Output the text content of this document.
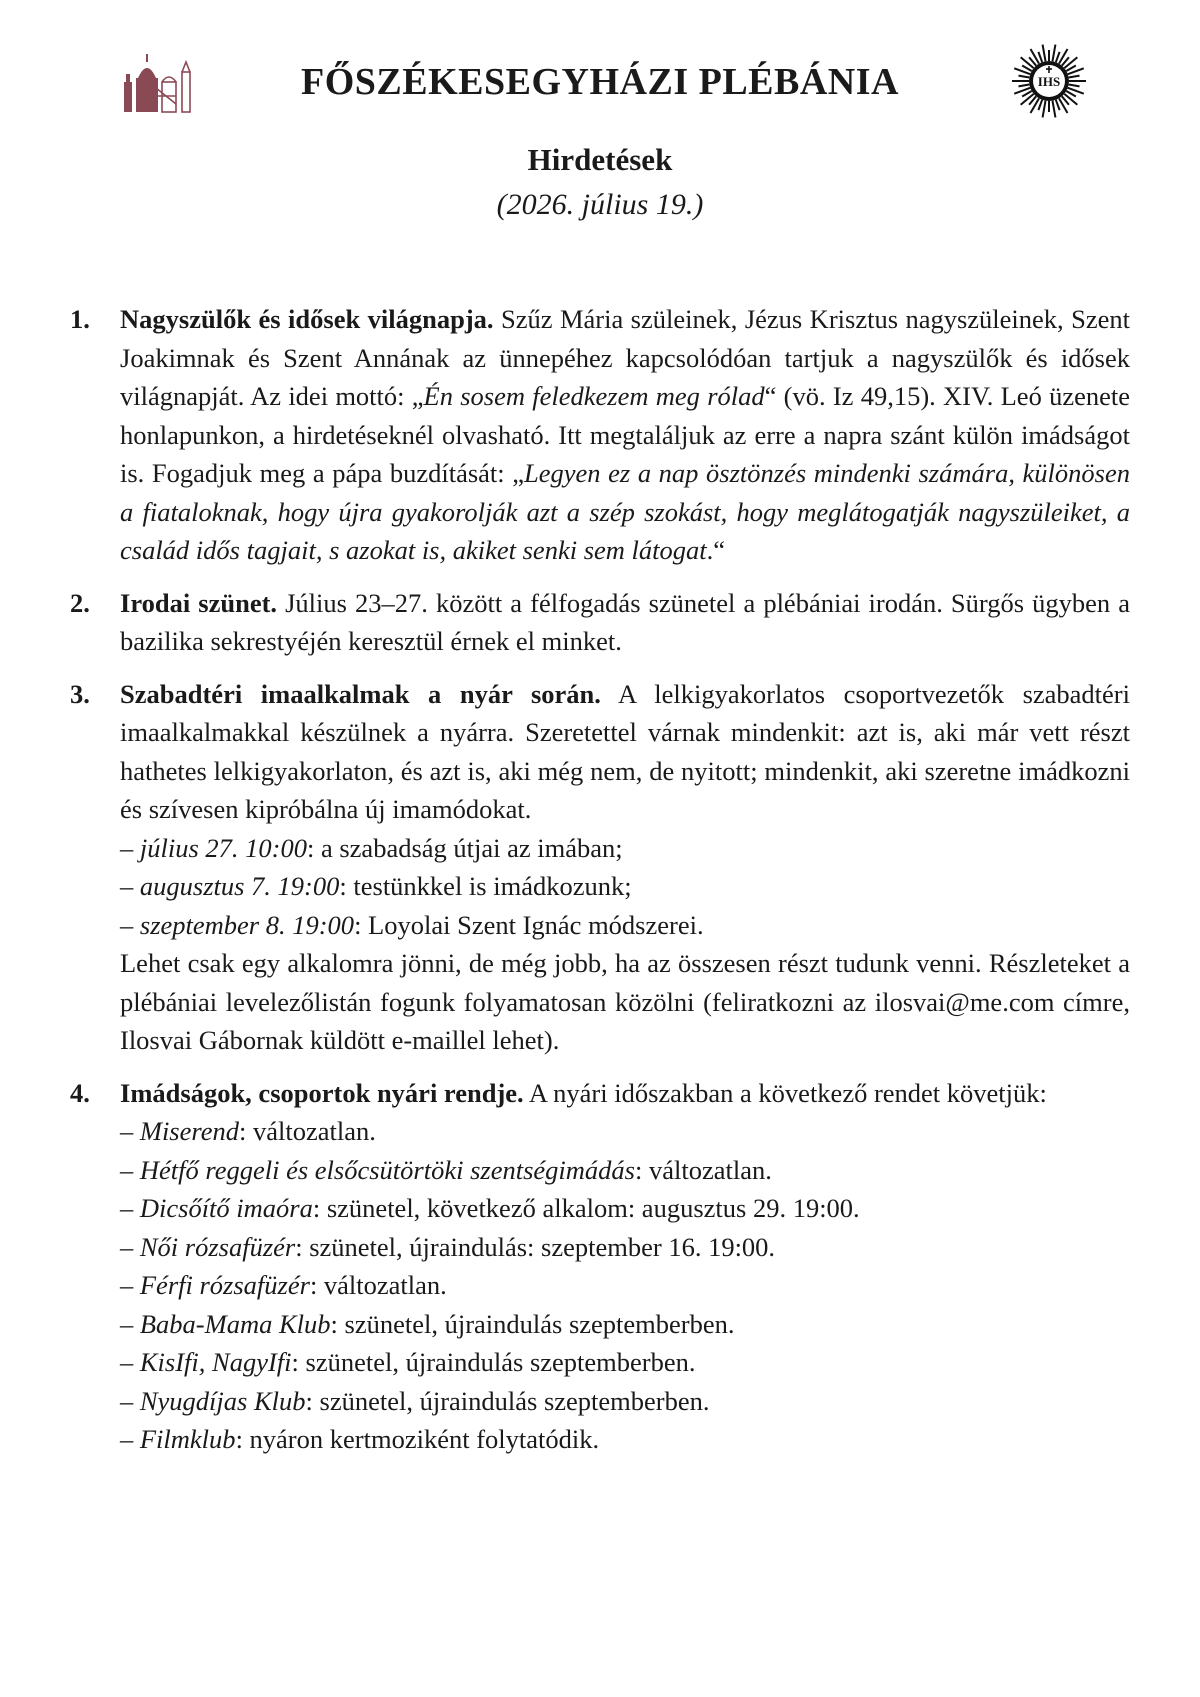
FŐSZÉKESEGYHÁZI PLÉBÁNIA	IHS
Hirdetések
(2026. július 19.)
1. Nagyszülők és idősek világnapja. Szűz Mária szüleinek, Jézus Krisztus nagyszüleinek, Szent Joakimnak és Szent Annának az ünnepéhez kapcsolódóan tartjuk a nagyszülők és idősek világnapját. Az idei mottó: „Én sosem feledkezem meg rólad“ (vö. Iz 49,15). XIV. Leó üzenete honlapunkon, a hirdetéseknél olvasható. Itt megtaláljuk az erre a napra szánt külön imádságot is. Fogadjuk meg a pápa buzdítását: „Legyen ez a nap ösztönzés mindenki számára, különösen a fiataloknak, hogy újra gyakorolják azt a szép szokást, hogy meglátogatják nagyszüleiket, a család idős tagjait, s azokat is, akiket senki sem látogat.“
2. Irodai szünet. Július 23–27. között a félfogadás szünetel a plébániai irodán. Sürgős ügyben a bazilika sekrestyéjén keresztül érnek el minket.
3. Szabadtéri imaalkalmak a nyár során. A lelkigyakorlatos csoportvezetők szabadtéri imaalkalmakkal készülnek a nyárra. Szeretettel várnak mindenkit: azt is, aki már vett részt hathetes lelkigyakorlaton, és azt is, aki még nem, de nyitott; mindenkit, aki szeretne imádkozni és szívesen kipróbálna új imamódokat.
– július 27. 10:00: a szabadság útjai az imában;
– augusztus 7. 19:00: testünkkel is imádkozunk;
– szeptember 8. 19:00: Loyolai Szent Ignác módszerei.
Lehet csak egy alkalomra jönni, de még jobb, ha az összesen részt tudunk venni. Részleteket a plébániai levelezőlistán fogunk folyamatosan közölni (feliratkozni az ilosvai@me.com címre, Ilosvai Gábornak küldött e-maillel lehet).
4. Imádságok, csoportok nyári rendje. A nyári időszakban a következő rendet követjük:
– Miserend: változatlan.
– Hétfő reggeli és elsőcsütörtöki szentségimádás: változatlan.
– Dicsőítő imaóra: szünetel, következő alkalom: augusztus 29. 19:00.
– Női rózsafüzér: szünetel, újraindulás: szeptember 16. 19:00.
– Férfi rózsafüzér: változatlan.
– Baba-Mama Klub: szünetel, újraindulás szeptemberben.
– KisIfi, NagyIfi: szünetel, újraindulás szeptemberben.
– Nyugdíjas Klub: szünetel, újraindulás szeptemberben.
– Filmklub: nyáron kertmoziként folytatódik.
